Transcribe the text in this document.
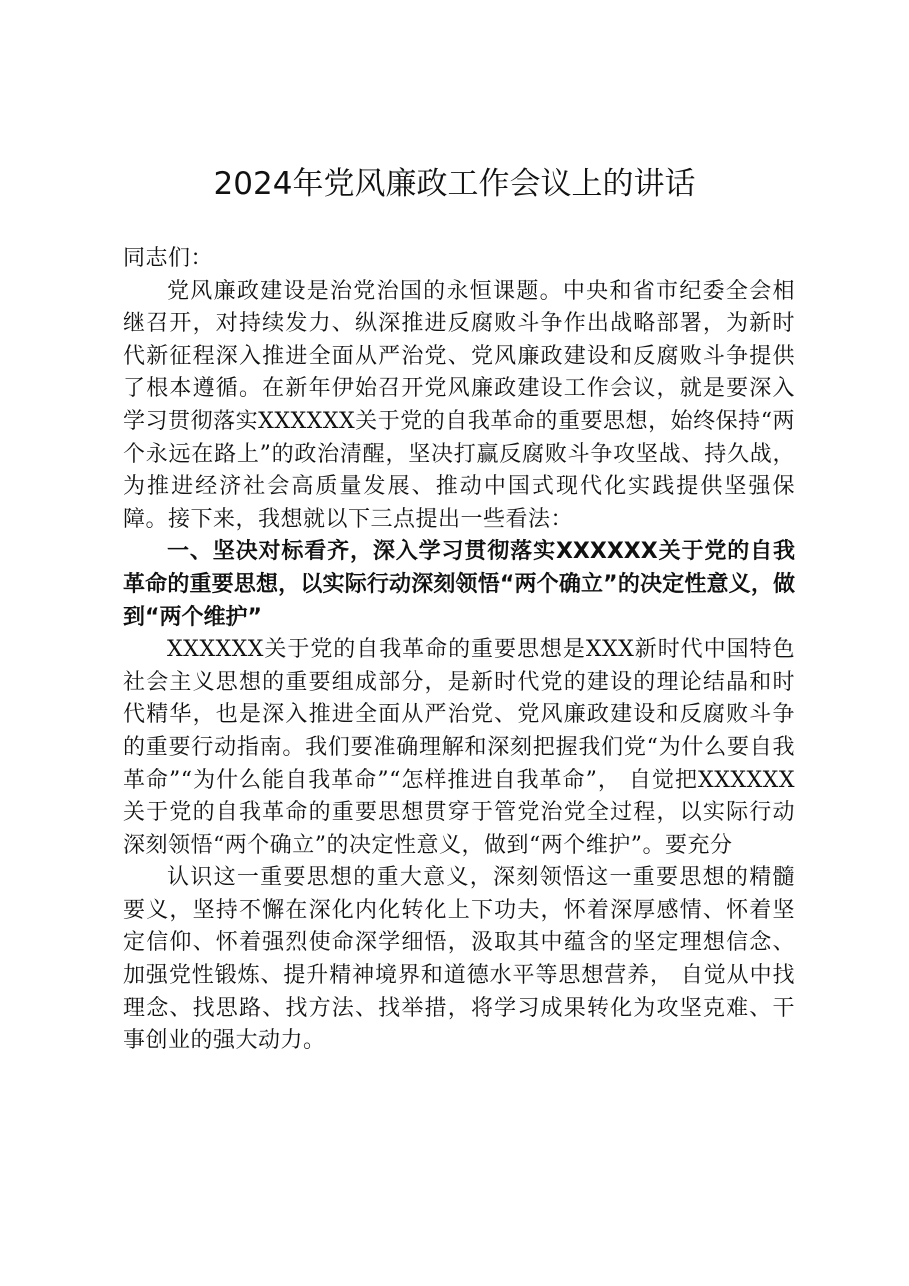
2024年党风廉政工作会议上的讲话

同志们：

党风廉政建设是治党治国的永恒课题。中央和省市纪委全会相继召开，对持续发力、纵深推进反腐败斗争作出战略部署，为新时代新征程深入推进全面从严治党、党风廉政建设和反腐败斗争提供了根本遵循。在新年伊始召开党风廉政建设工作会议，就是要深入学习贯彻落实XXXXXX关于党的自我革命的重要思想，始终保持“两个永远在路上”的政治清醒，坚决打赢反腐败斗争攻坚战、持久战，为推进经济社会高质量发展、推动中国式现代化实践提供坚强保障。接下来，我想就以下三点提出一些看法：

一、坚决对标看齐，深入学习贯彻落实XXXXXX关于党的自我革命的重要思想，以实际行动深刻领悟“两个确立”的决定性意义，做到“两个维护”

XXXXXX关于党的自我革命的重要思想是XXX新时代中国特色社会主义思想的重要组成部分，是新时代党的建设的理论结晶和时代精华，也是深入推进全面从严治党、党风廉政建设和反腐败斗争的重要行动指南。我们要准确理解和深刻把握我们党“为什么要自我革命”“为什么能自我革命”“怎样推进自我革命”， 自觉把XXXXXX关于党的自我革命的重要思想贯穿于管党治党全过程，以实际行动深刻领悟“两个确立”的决定性意义，做到“两个维护”。要充分

认识这一重要思想的重大意义，深刻领悟这一重要思想的精髓要义，坚持不懈在深化内化转化上下功夫，怀着深厚感情、怀着坚定信仰、怀着强烈使命深学细悟，汲取其中蕴含的坚定理想信念、加强党性锻炼、提升精神境界和道德水平等思想营养， 自觉从中找理念、找思路、找方法、找举措，将学习成果转化为攻坚克难、干事创业的强大动力。
